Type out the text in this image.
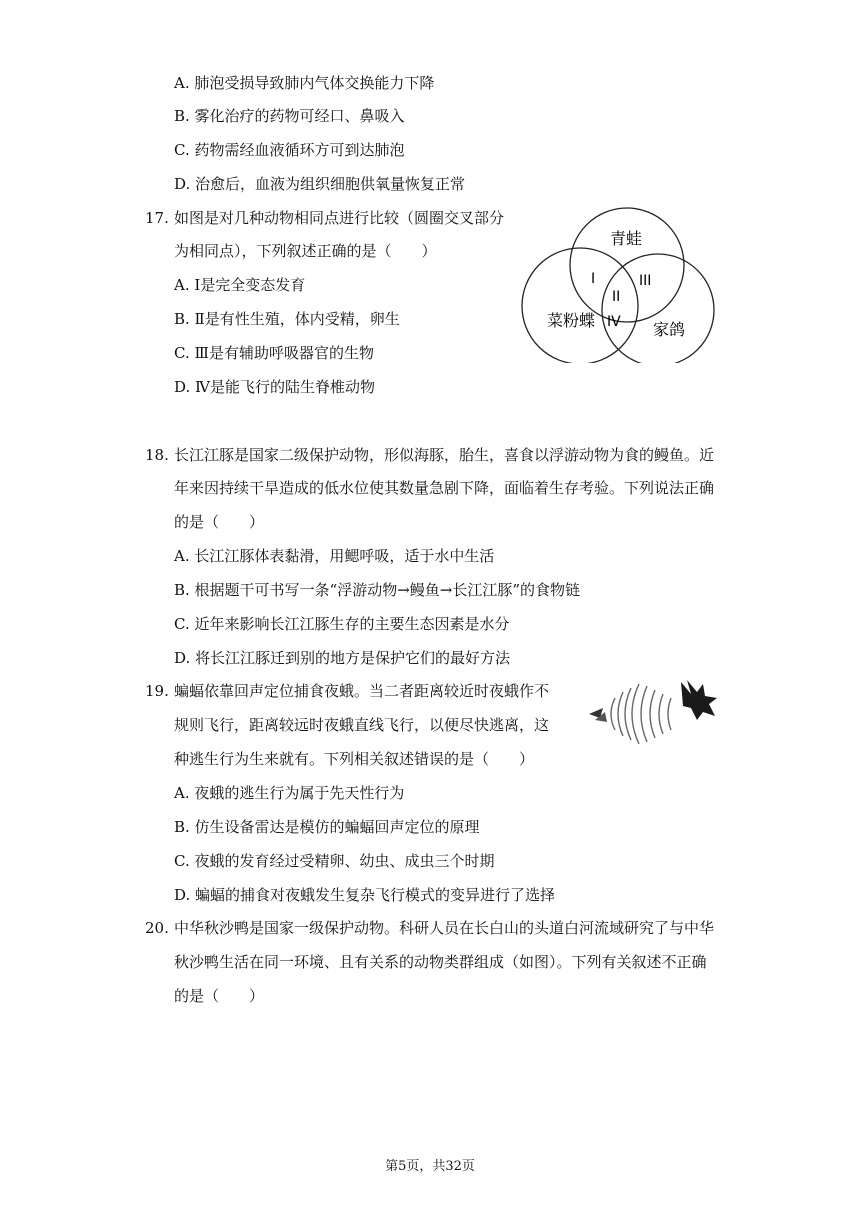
A. 肺泡受损导致肺内气体交换能力下降
B. 雾化治疗的药物可经口、鼻吸入
C. 药物需经血液循环方可到达肺泡
D. 治愈后，血液为组织细胞供氧量恢复正常
17. 如图是对几种动物相同点进行比较（圆圈交叉部分
为相同点），下列叙述正确的是（　　）
A. Ⅰ是完全变态发育
B. Ⅱ是有性生殖，体内受精，卵生
C. Ⅲ是有辅助呼吸器官的生物
D. Ⅳ是能飞行的陆生脊椎动物
青蛙
菜粉蝶	家鸽
I
II
III
IV
18. 长江江豚是国家二级保护动物，形似海豚，胎生，喜食以浮游动物为食的鳗鱼。近
年来因持续干旱造成的低水位使其数量急剧下降，面临着生存考验。下列说法正确
的是（　　）
A. 长江江豚体表黏滑，用鳃呼吸，适于水中生活
B. 根据题干可书写一条“浮游动物→鳗鱼→长江江豚”的食物链
C. 近年来影响长江江豚生存的主要生态因素是水分
D. 将长江江豚迁到别的地方是保护它们的最好方法
19. 蝙蝠依靠回声定位捕食夜蛾。当二者距离较近时夜蛾作不
规则飞行，距离较远时夜蛾直线飞行，以便尽快逃离，这
种逃生行为生来就有。下列相关叙述错误的是（　　）
A. 夜蛾的逃生行为属于先天性行为
B. 仿生设备雷达是模仿的蝙蝠回声定位的原理
C. 夜蛾的发育经过受精卵、幼虫、成虫三个时期
D. 蝙蝠的捕食对夜蛾发生复杂飞行模式的变异进行了选择
20. 中华秋沙鸭是国家一级保护动物。科研人员在长白山的头道白河流域研究了与中华
秋沙鸭生活在同一环境、且有关系的动物类群组成（如图）。下列有关叙述不正确
的是（　　）
第5页，共32页
